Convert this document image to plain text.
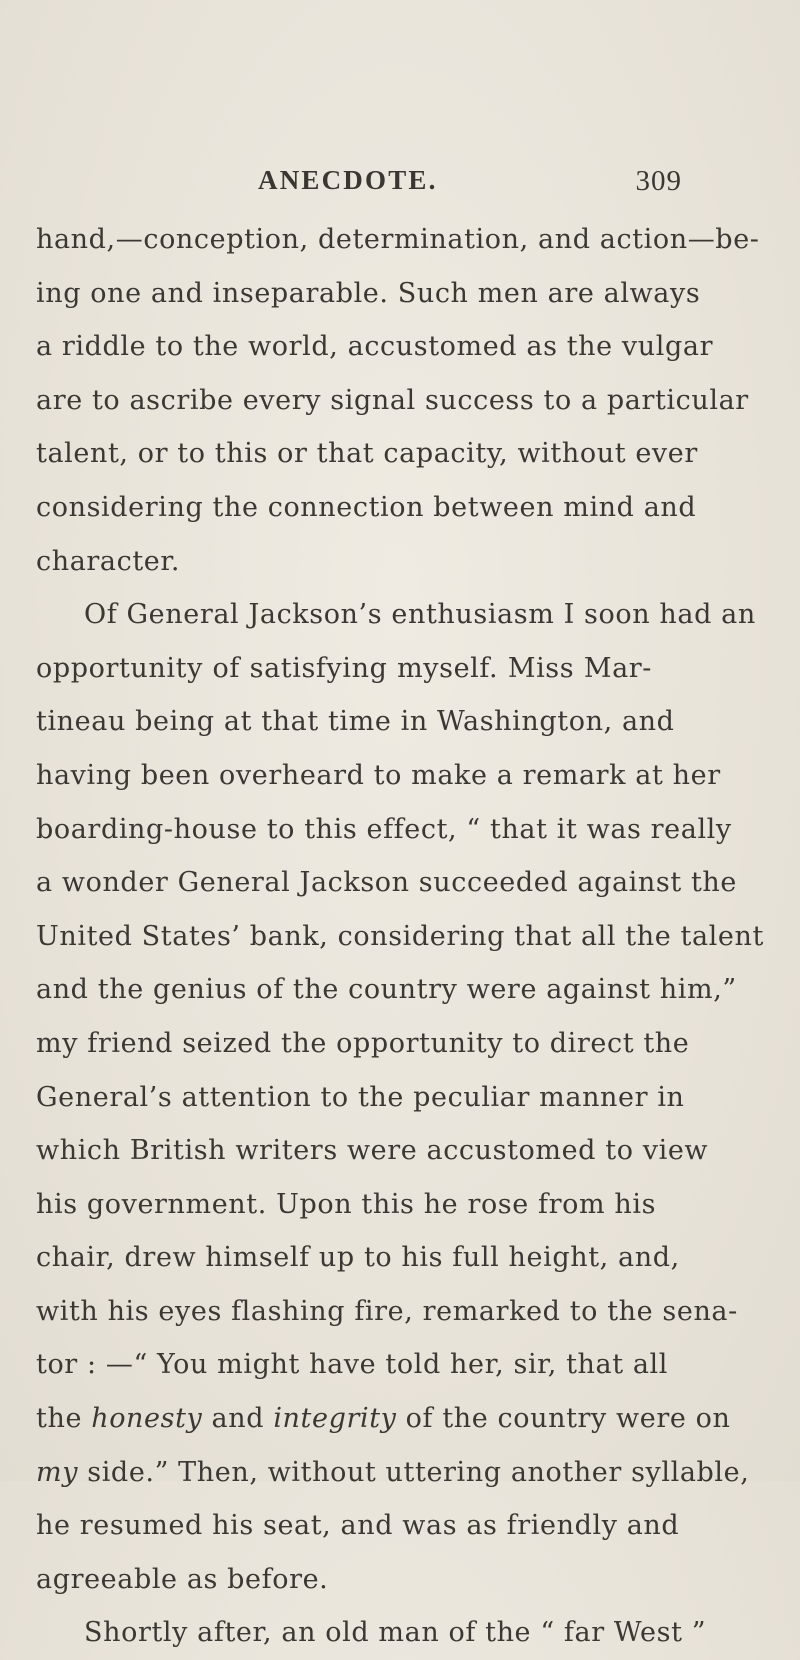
ANECDOTE.	309
hand,—conception, determination, and action—be-
ing one and inseparable. Such men are always
a riddle to the world, accustomed as the vulgar
are to ascribe every signal success to a particular
talent, or to this or that capacity, without ever
considering the connection between mind and
character.
Of General Jackson’s enthusiasm I soon had an
opportunity of satisfying myself. Miss Mar-
tineau being at that time in Washington, and
having been overheard to make a remark at her
boarding-house to this effect, “ that it was really
a wonder General Jackson succeeded against the
United States’ bank, considering that all the talent
and the genius of the country were against him,”
my friend seized the opportunity to direct the
General’s attention to the peculiar manner in
which British writers were accustomed to view
his government. Upon this he rose from his
chair, drew himself up to his full height, and,
with his eyes flashing fire, remarked to the sena-
tor : —“ You might have told her, sir, that all
the honesty and integrity of the country were on
my side.” Then, without uttering another syllable,
he resumed his seat, and was as friendly and
agreeable as before.
Shortly after, an old man of the “ far West ”
